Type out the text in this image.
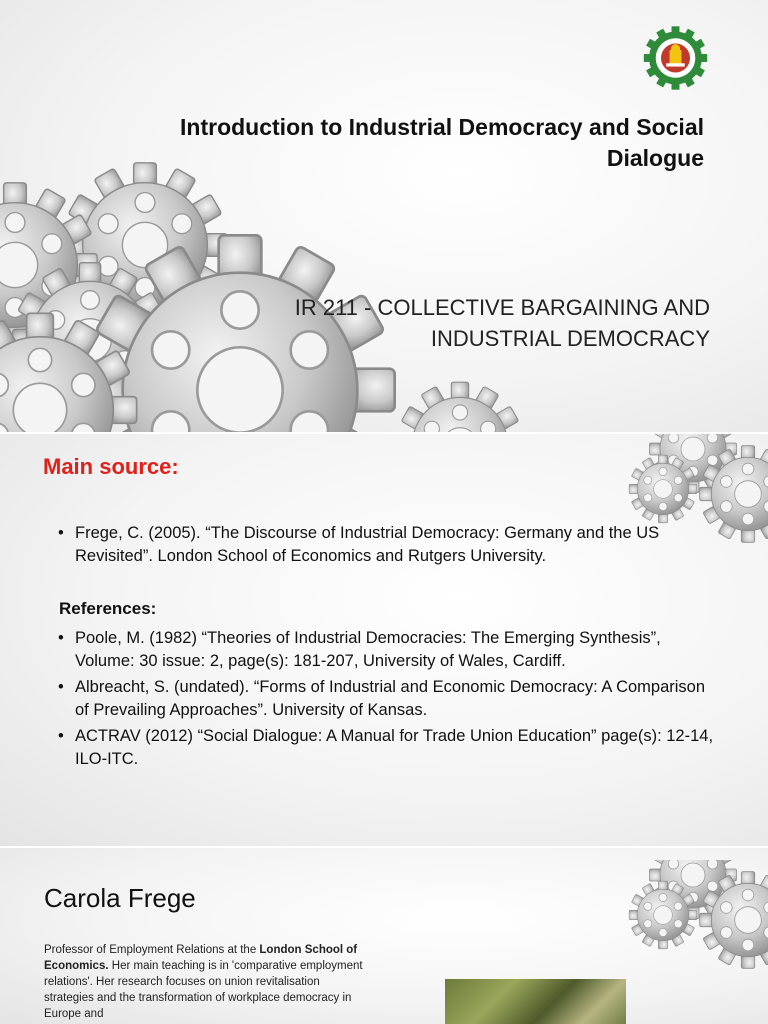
Introduction to Industrial Democracy and Social Dialogue
IR 211 - COLLECTIVE BARGAINING AND INDUSTRIAL DEMOCRACY
Main source:
• Frege, C. (2005). “The Discourse of Industrial Democracy: Germany and the US Revisited”. London School of Economics and Rutgers University.
References:
• Poole, M. (1982) “Theories of Industrial Democracies: The Emerging Synthesis”, Volume: 30 issue: 2, page(s): 181-207, University of Wales, Cardiff.
• Albreacht, S. (undated). “Forms of Industrial and Economic Democracy: A Comparison of Prevailing Approaches”. University of Kansas.
• ACTRAV (2012) “Social Dialogue: A Manual for Trade Union Education” page(s): 12-14, ILO-ITC.
Carola Frege
Professor of Employment Relations at the London School of Economics. Her main teaching is in 'comparative employment relations'. Her research focuses on union revitalisation strategies and the transformation of workplace democracy in Europe and
